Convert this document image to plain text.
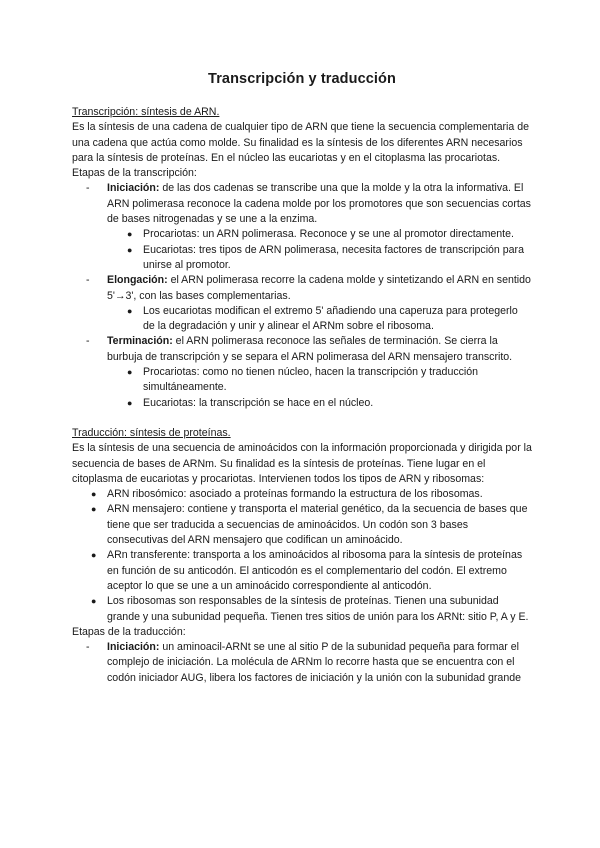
Transcripción y traducción

Transcripción: síntesis de ARN.

Es la síntesis de una cadena de cualquier tipo de ARN que tiene la secuencia complementaria de una cadena que actúa como molde. Su finalidad es la síntesis de los diferentes ARN necesarios para la síntesis de proteínas. En el núcleo las eucariotas y en el citoplasma las procariotas.

Etapas de la transcripción:

- Iniciación: de las dos cadenas se transcribe una que la molde y la otra la informativa. El ARN polimerasa reconoce la cadena molde por los promotores que son secuencias cortas de bases nitrogenadas y se une a la enzima.
● Procariotas: un ARN polimerasa. Reconoce y se une al promotor directamente.
● Eucariotas: tres tipos de ARN polimerasa, necesita factores de transcripción para unirse al promotor.
- Elongación: el ARN polimerasa recorre la cadena molde y sintetizando el ARN en sentido 5'→3', con las bases complementarias.
● Los eucariotas modifican el extremo 5' añadiendo una caperuza para protegerlo de la degradación y unir y alinear el ARNm sobre el ribosoma.
- Terminación: el ARN polimerasa reconoce las señales de terminación. Se cierra la burbuja de transcripción y se separa el ARN polimerasa del ARN mensajero transcrito.
● Procariotas: como no tienen núcleo, hacen la transcripción y traducción simultáneamente.
● Eucariotas: la transcripción se hace en el núcleo.

Traducción: síntesis de proteínas.

Es la síntesis de una secuencia de aminoácidos con la información proporcionada y dirigida por la secuencia de bases de ARNm. Su finalidad es la síntesis de proteínas. Tiene lugar en el citoplasma de eucariotas y procariotas. Intervienen todos los tipos de ARN y ribosomas:

● ARN ribosómico: asociado a proteínas formando la estructura de los ribosomas.
● ARN mensajero: contiene y transporta el material genético, da la secuencia de bases que tiene que ser traducida a secuencias de aminoácidos. Un codón son 3 bases consecutivas del ARN mensajero que codifican un aminoácido.
● ARn transferente: transporta a los aminoácidos al ribosoma para la síntesis de proteínas en función de su anticodón. El anticodón es el complementario del codón. El extremo aceptor lo que se une a un aminoácido correspondiente al anticodón.
● Los ribosomas son responsables de la síntesis de proteínas. Tienen una subunidad grande y una subunidad pequeña. Tienen tres sitios de unión para los ARNt: sitio P, A y E.

Etapas de la traducción:

- Iniciación: un aminoacil-ARNt se une al sitio P de la subunidad pequeña para formar el complejo de iniciación. La molécula de ARNm lo recorre hasta que se encuentra con el codón iniciador AUG, libera los factores de iniciación y la unión con la subunidad grande
